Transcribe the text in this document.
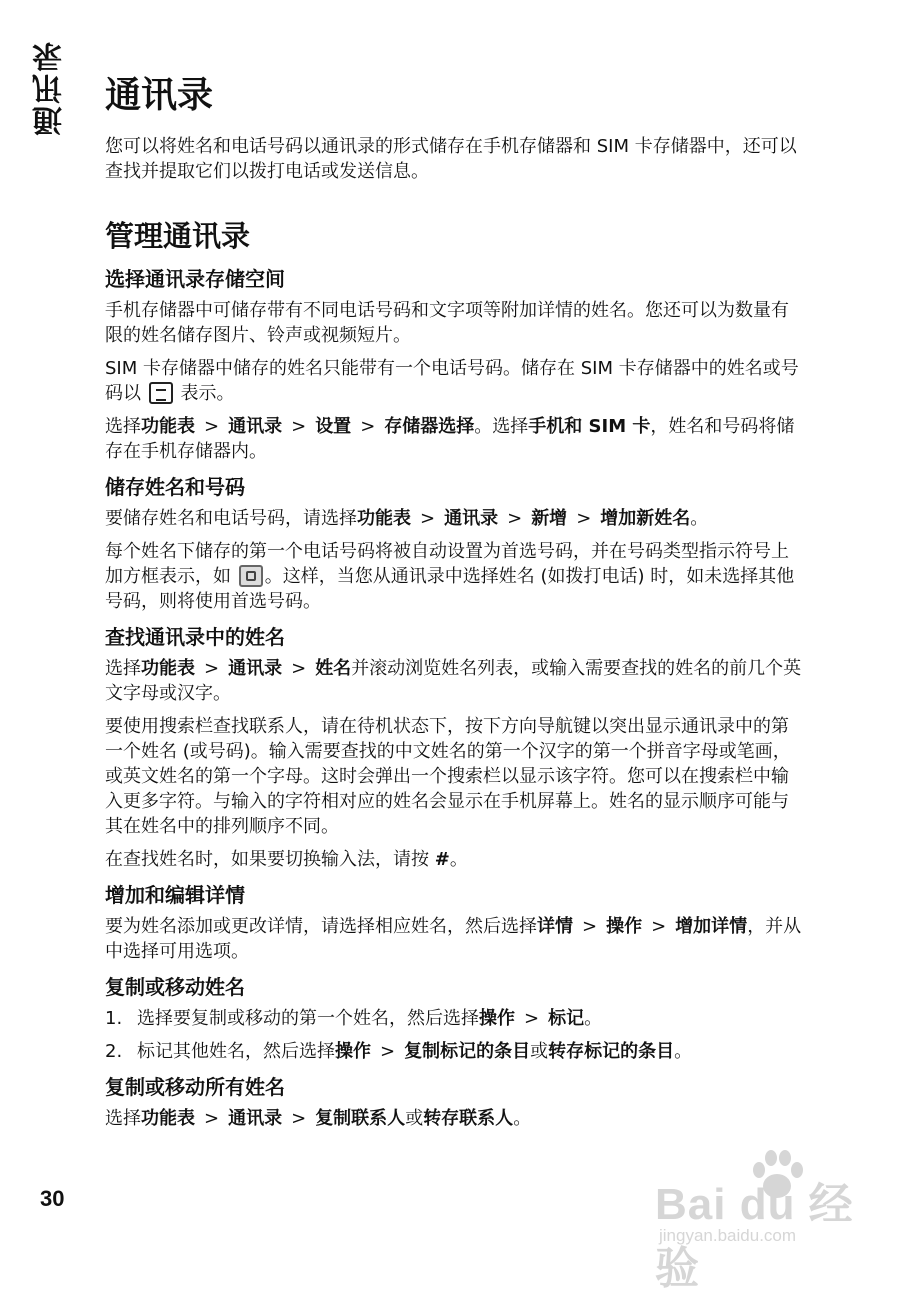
通讯录 通讯录

您可以将姓名和电话号码以通讯录的形式储存在手机存储器和 SIM 卡存储器中，还可以查找并提取它们以拨打电话或发送信息。

管理通讯录
选择通讯录存储空间

手机存储器中可储存带有不同电话号码和文字项等附加详情的姓名。您还可以为数量有限的姓名储存图片、铃声或视频短片。

SIM 卡存储器中储存的姓名只能带有一个电话号码。储存在 SIM 卡存储器中的姓名或号码以 表示。

选择功能表 > 通讯录 > 设置 > 存储器选择。选择手机和 SIM 卡，姓名和号码将储存在手机存储器内。

储存姓名和号码

要储存姓名和电话号码，请选择功能表 > 通讯录 > 新增 > 增加新姓名。

每个姓名下储存的第一个电话号码将被自动设置为首选号码，并在号码类型指示符号上加方框表示，如 。这样，当您从通讯录中选择姓名 (如拨打电话) 时，如未选择其他号码，则将使用首选号码。

查找通讯录中的姓名

选择功能表 > 通讯录 > 姓名并滚动浏览姓名列表，或输入需要查找的姓名的前几个英文字母或汉字。

要使用搜索栏查找联系人，请在待机状态下，按下方向导航键以突出显示通讯录中的第一个姓名 (或号码)。输入需要查找的中文姓名的第一个汉字的第一个拼音字母或笔画，或英文姓名的第一个字母。这时会弹出一个搜索栏以显示该字符。您可以在搜索栏中输入更多字符。与输入的字符相对应的姓名会显示在手机屏幕上。姓名的显示顺序可能与其在姓名中的排列顺序不同。

在查找姓名时，如果要切换输入法，请按 #。

增加和编辑详情

要为姓名添加或更改详情，请选择相应姓名，然后选择详情 > 操作 > 增加详情，并从中选择可用选项。

复制或移动姓名
1. 选择要复制或移动的第一个姓名，然后选择操作 > 标记。
2. 标记其他姓名，然后选择操作 > 复制标记的条目或转存标记的条目。
复制或移动所有姓名

选择功能表 > 通讯录 > 复制联系人或转存联系人。

30	Bai du 经验
jingyan.baidu.com
